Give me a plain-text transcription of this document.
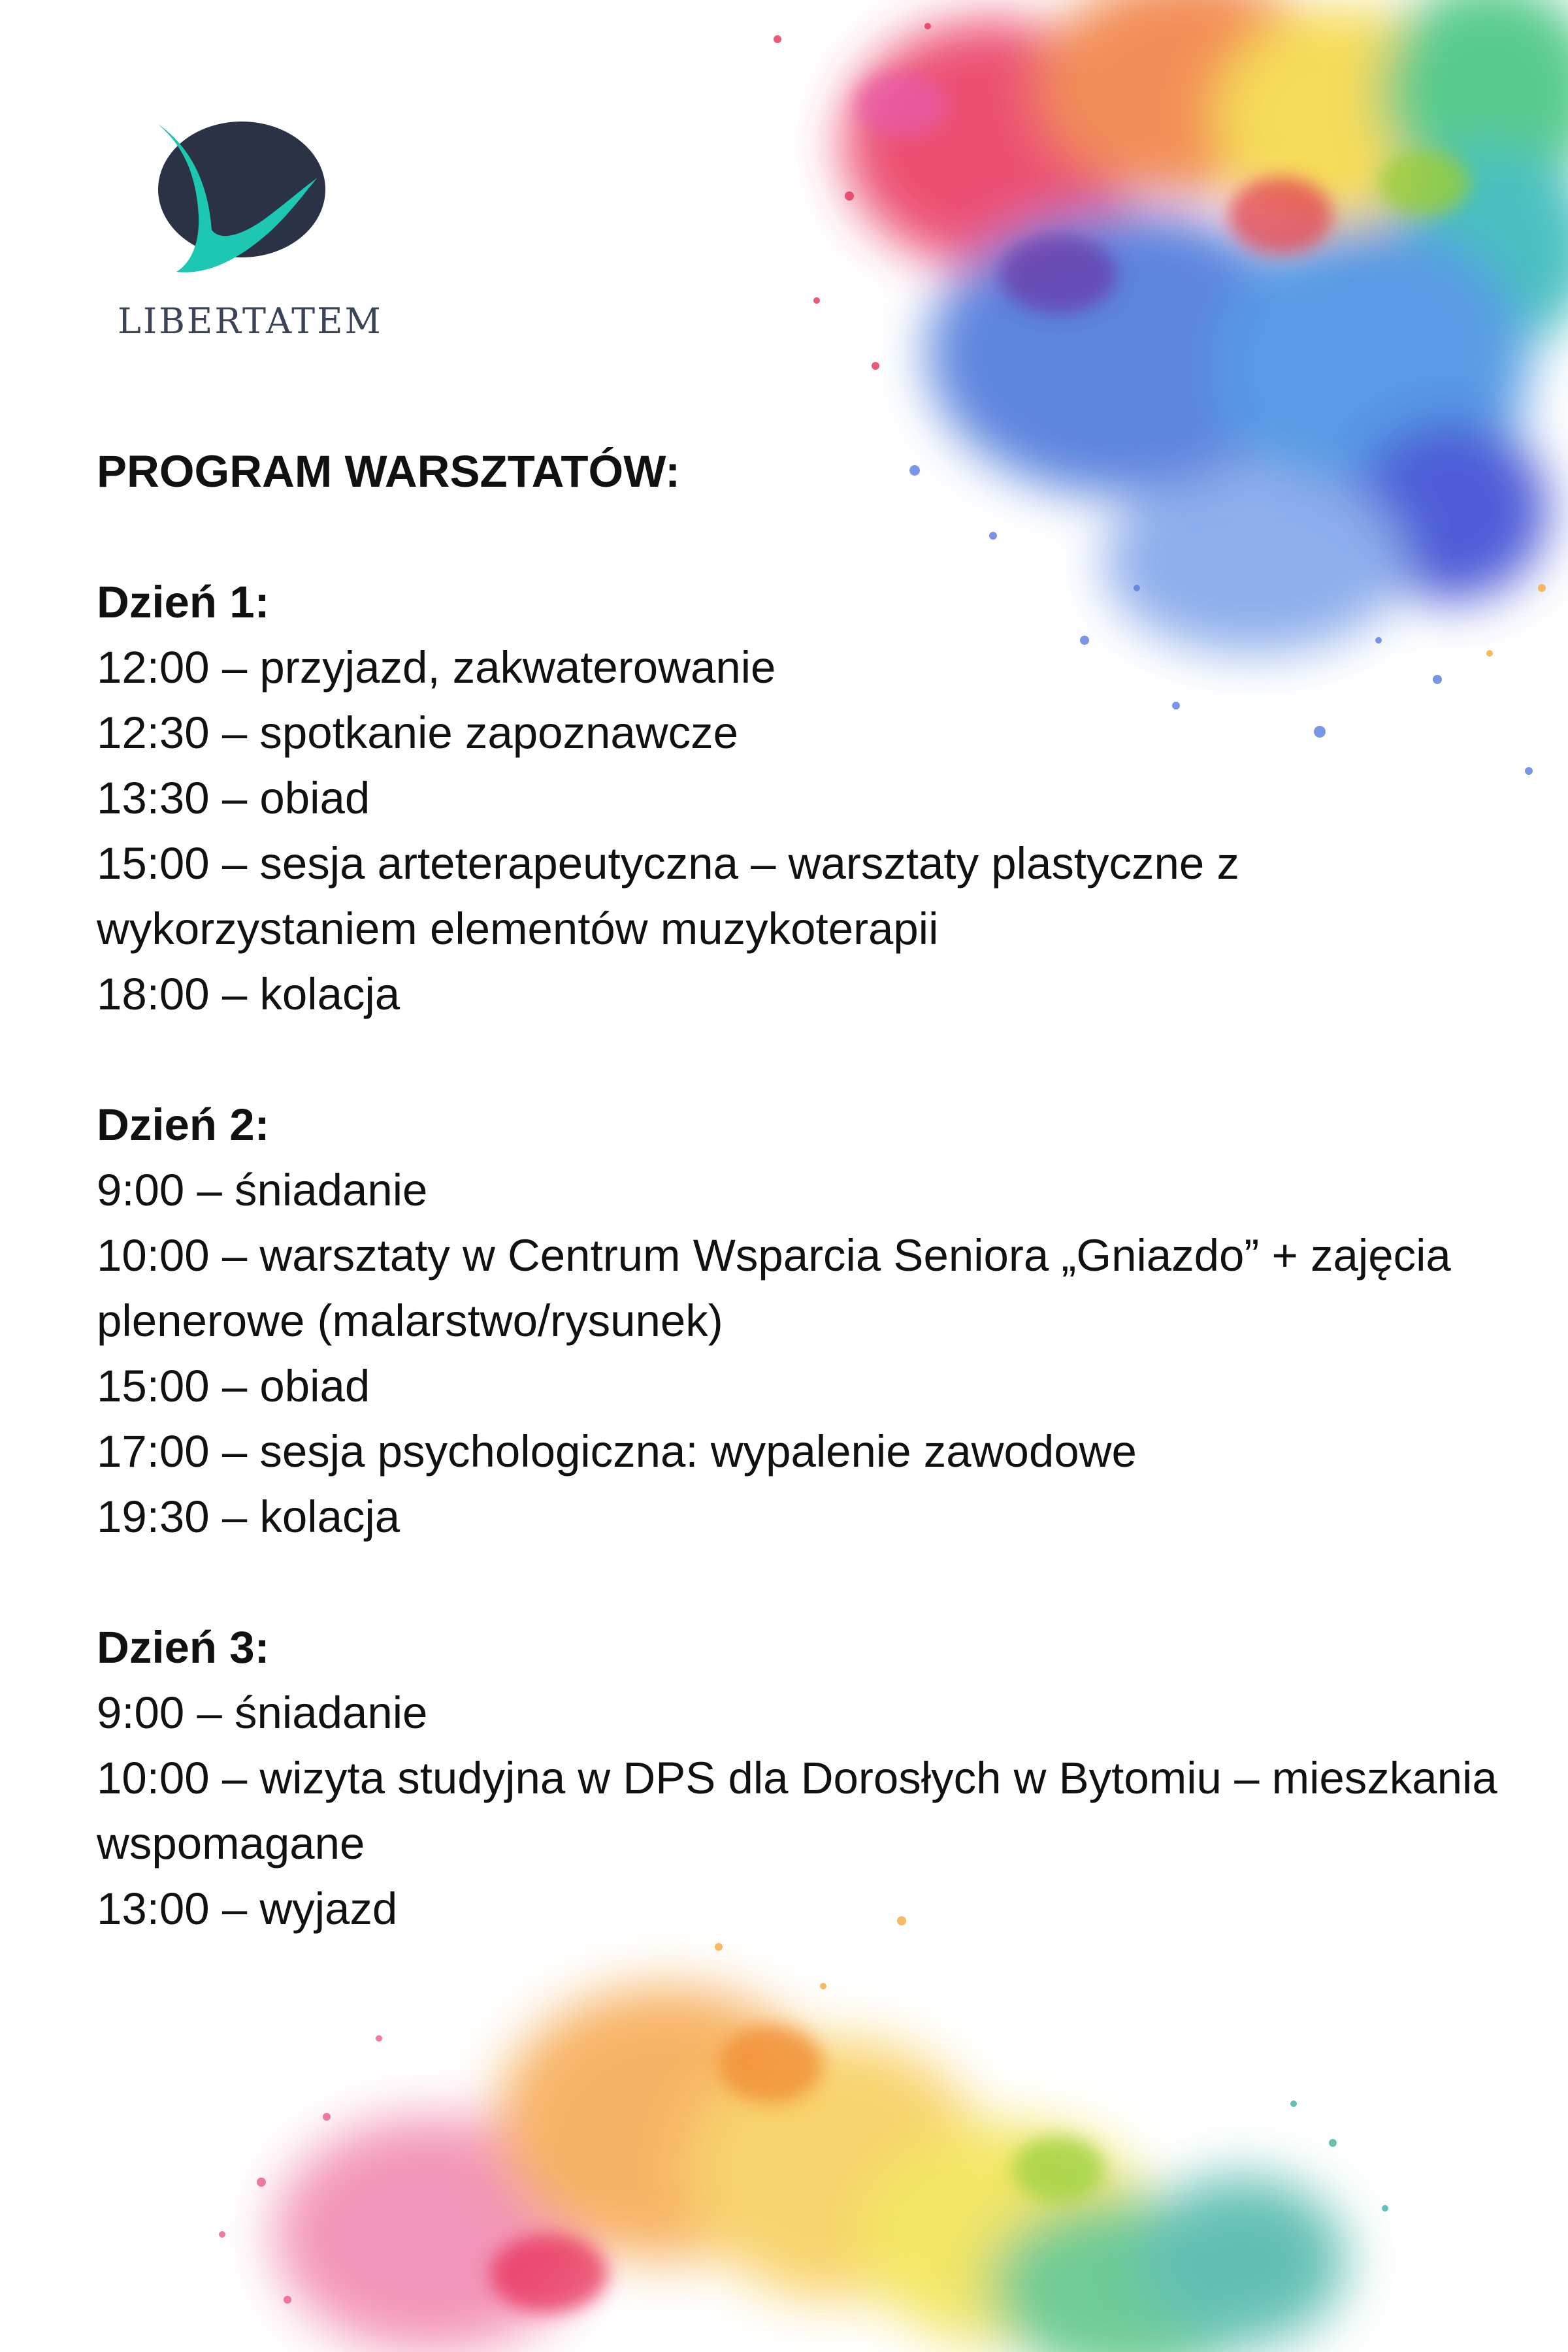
LIBERTATEM
PROGRAM WARSZTATÓW:
Dzień 1:
12:00 – przyjazd, zakwaterowanie
12:30 – spotkanie zapoznawcze
13:30 – obiad
15:00 – sesja arteterapeutyczna – warsztaty plastyczne z wykorzystaniem elementów muzykoterapii
18:00 – kolacja
Dzień 2:
9:00 – śniadanie
10:00 – warsztaty w Centrum Wsparcia Seniora „Gniazdo” + zajęcia plenerowe (malarstwo/rysunek)
15:00 – obiad
17:00 – sesja psychologiczna: wypalenie zawodowe
19:30 – kolacja
Dzień 3:
9:00 – śniadanie
10:00 – wizyta studyjna w DPS dla Dorosłych w Bytomiu – mieszkania wspomagane
13:00 – wyjazd
